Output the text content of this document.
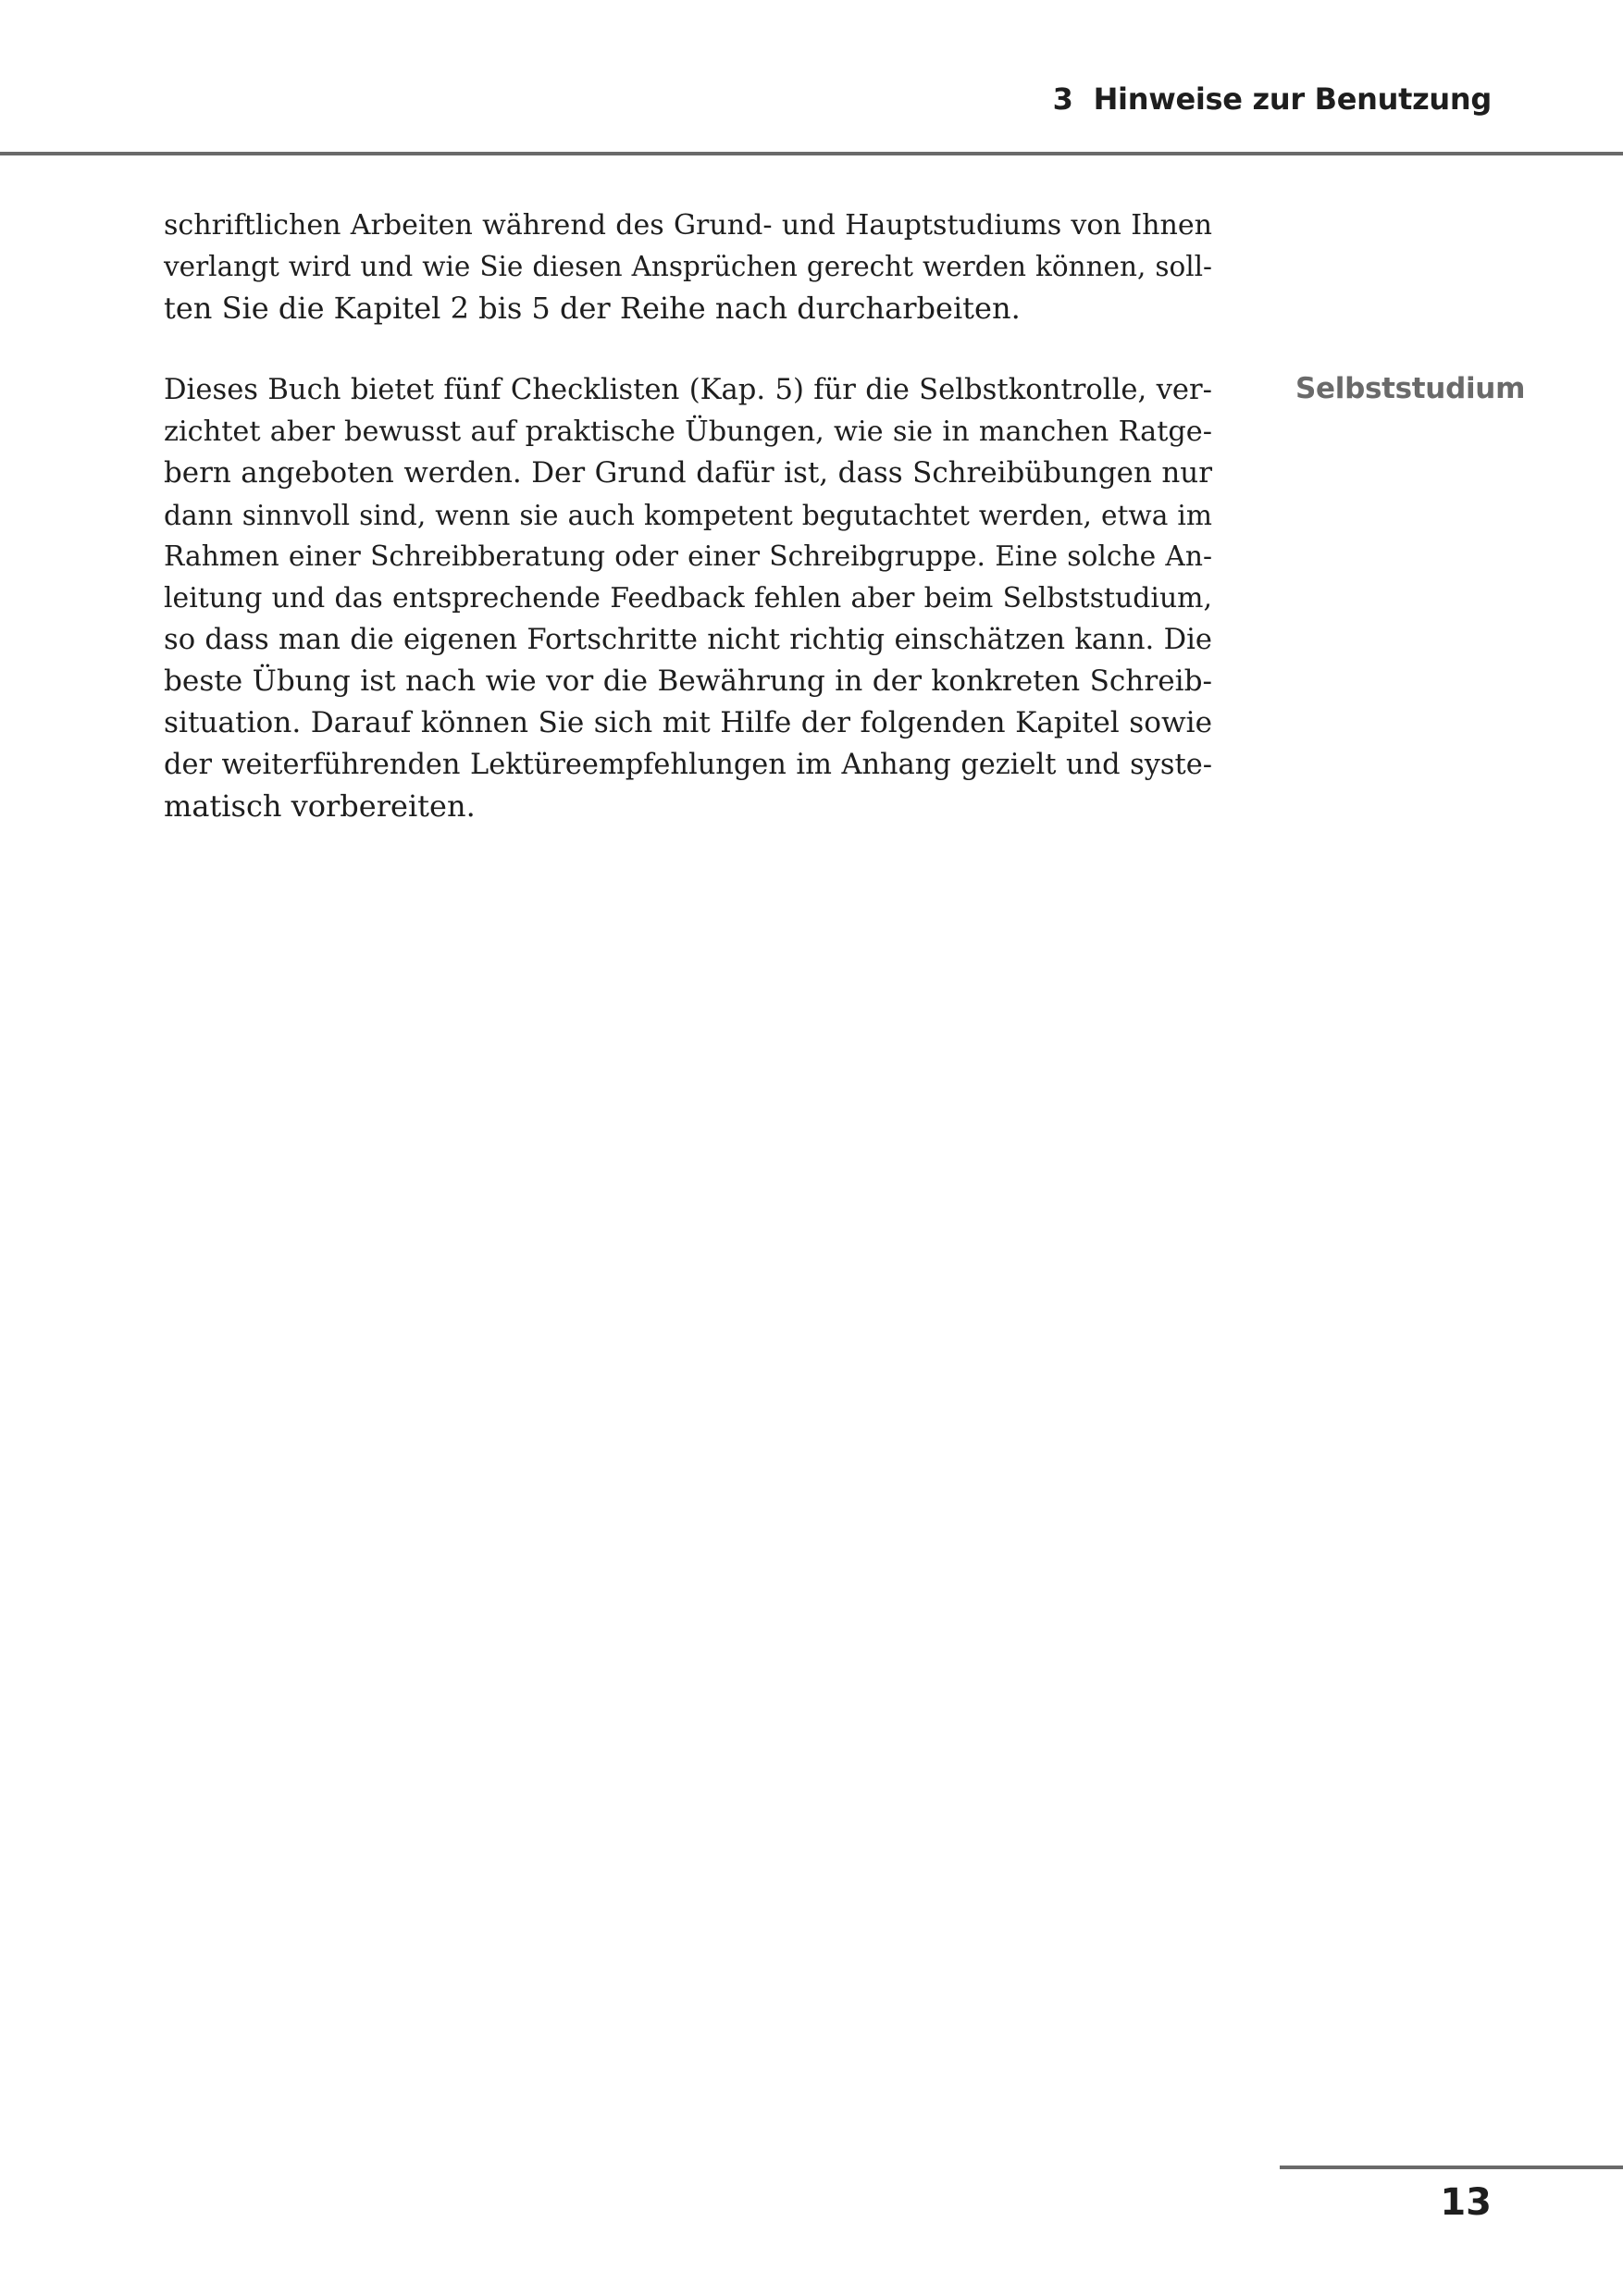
3 Hinweise zur Benutzung

schriftlichen Arbeiten während des Grund- und Hauptstudiums von Ihnen
verlangt wird und wie Sie diesen Ansprüchen gerecht werden können, soll-
ten Sie die Kapitel 2 bis 5 der Reihe nach durcharbeiten.

Dieses Buch bietet fünf Checklisten (Kap. 5) für die Selbstkontrolle, ver-
zichtet aber bewusst auf praktische Übungen, wie sie in manchen Ratge-
bern angeboten werden. Der Grund dafür ist, dass Schreibübungen nur
dann sinnvoll sind, wenn sie auch kompetent begutachtet werden, etwa im
Rahmen einer Schreibberatung oder einer Schreibgruppe. Eine solche An-
leitung und das entsprechende Feedback fehlen aber beim Selbststudium,
so dass man die eigenen Fortschritte nicht richtig einschätzen kann. Die
beste Übung ist nach wie vor die Bewährung in der konkreten Schreib-
situation. Darauf können Sie sich mit Hilfe der folgenden Kapitel sowie
der weiterführenden Lektüreempfehlungen im Anhang gezielt und syste-
matisch vorbereiten.

Selbststudium
13
